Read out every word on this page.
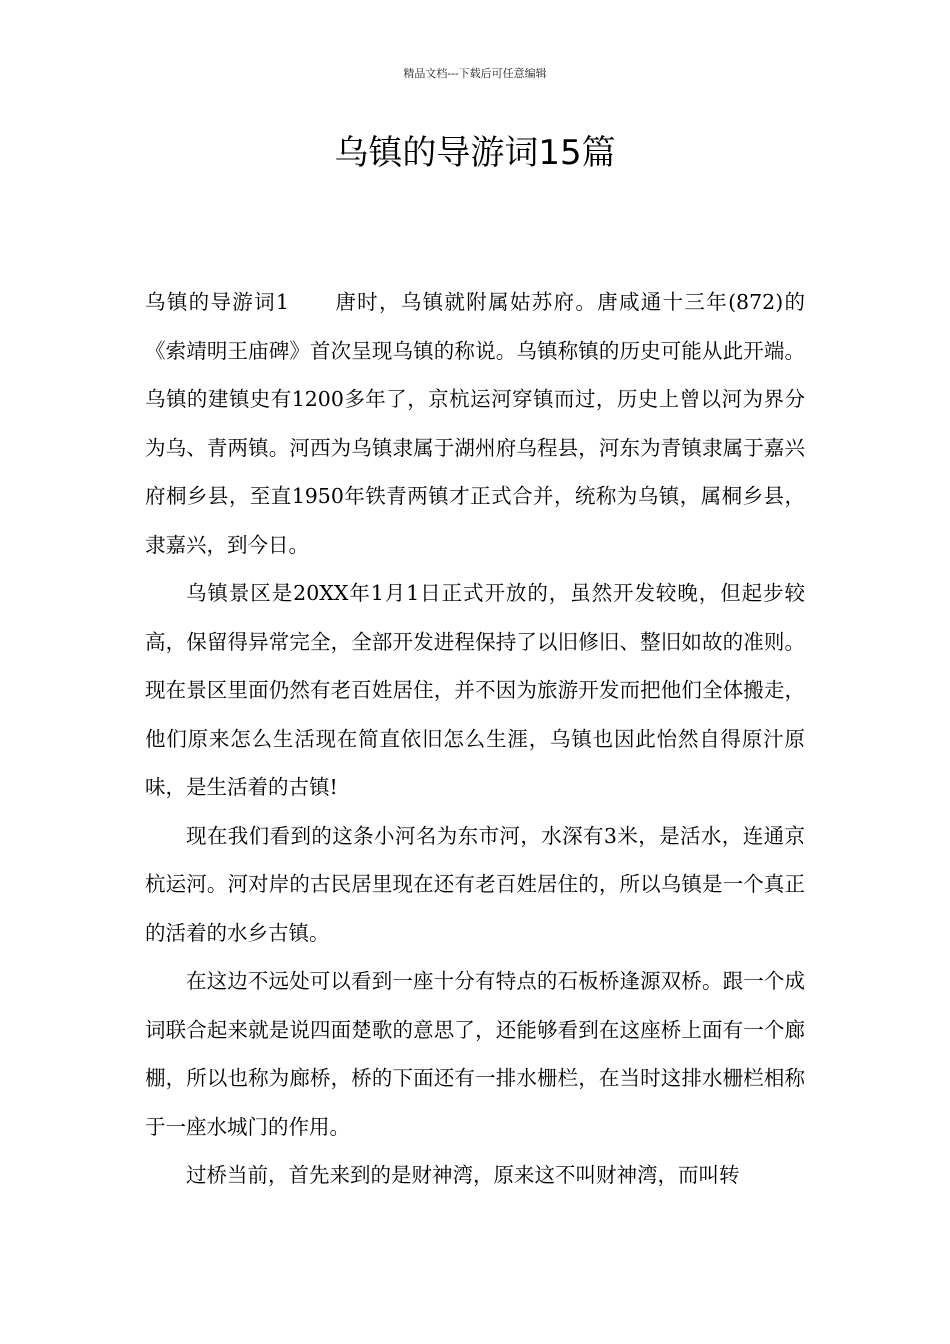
精品文档---下载后可任意编辑
乌镇的导游词15篇

乌镇的导游词1 唐时，乌镇就附属姑苏府。唐咸通十三年(872)的《索靖明王庙碑》首次呈现乌镇的称说。乌镇称镇的历史可能从此开端。乌镇的建镇史有1200多年了，京杭运河穿镇而过，历史上曾以河为界分为乌、青两镇。河西为乌镇隶属于湖州府乌程县，河东为青镇隶属于嘉兴府桐乡县，至直1950年铁青两镇才正式合并，统称为乌镇，属桐乡县，隶嘉兴，到今日。

乌镇景区是20XX年1月1日正式开放的，虽然开发较晚，但起步较高，保留得异常完全，全部开发进程保持了以旧修旧、整旧如故的准则。现在景区里面仍然有老百姓居住，并不因为旅游开发而把他们全体搬走，他们原来怎么生活现在简直依旧怎么生涯，乌镇也因此怡然自得原汁原味，是生活着的古镇!

现在我们看到的这条小河名为东市河，水深有3米，是活水，连通京杭运河。河对岸的古民居里现在还有老百姓居住的，所以乌镇是一个真正的活着的水乡古镇。

在这边不远处可以看到一座十分有特点的石板桥逢源双桥。跟一个成词联合起来就是说四面楚歌的意思了，还能够看到在这座桥上面有一个廊棚，所以也称为廊桥，桥的下面还有一排水栅栏，在当时这排水栅栏相称于一座水城门的作用。

过桥当前，首先来到的是财神湾，原来这不叫财神湾，而叫转
